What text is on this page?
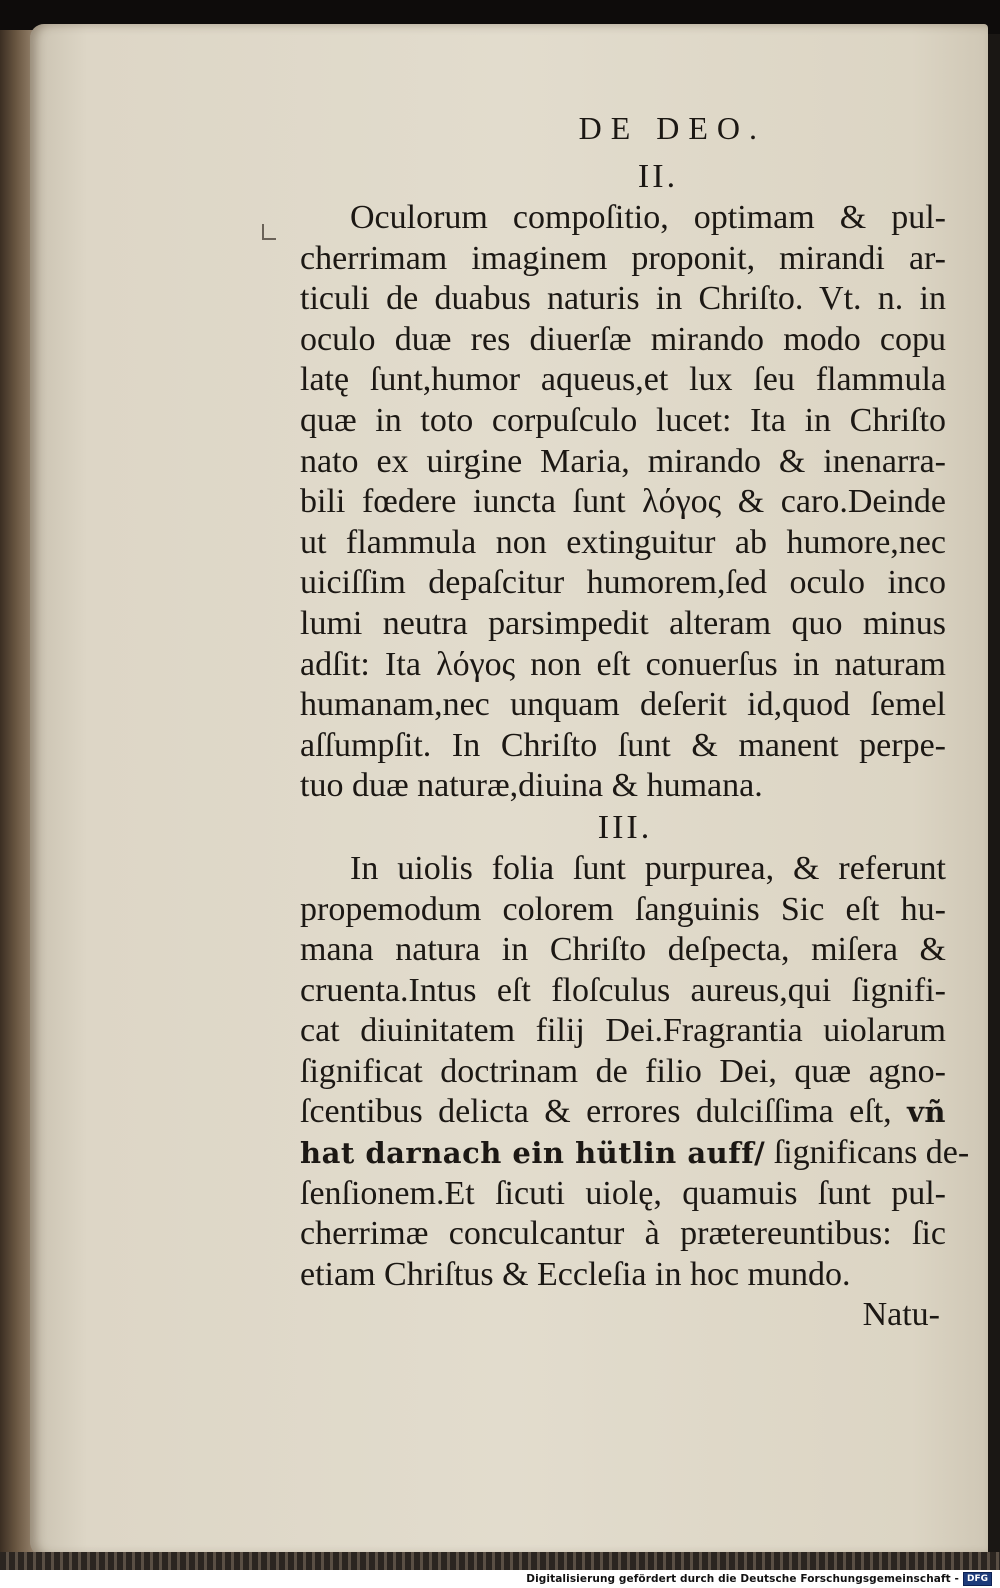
DE DEO.
II.
Oculorum compoſitio, optimam & pul-
cherrimam imaginem proponit, mirandi ar-
ticuli de duabus naturis in Chriſto. Vt. n. in
oculo duæ res diuerſæ mirando modo copu
latę ſunt,humor aqueus,et lux ſeu flammula
quæ in toto corpuſculo lucet: Ita in Chriſto
nato ex uirgine Maria, mirando & inenarra-
bili fœdere iuncta ſunt λόγος & caro.Deinde
ut flammula non extinguitur ab humore,nec
uiciſſim depaſcitur humorem,ſed oculo inco
lumi neutra parsimpedit alteram quo minus
adſit: Ita λόγος non eſt conuerſus in naturam
humanam,nec unquam deſerit id,quod ſemel
aſſumpſit. In Chriſto ſunt & manent perpe-
tuo duæ naturæ,diuina & humana.
III.
In uiolis folia ſunt purpurea, & referunt
propemodum colorem ſanguinis Sic eſt hu-
mana natura in Chriſto deſpecta, miſera &
cruenta.Intus eſt floſculus aureus,qui ſignifi-
cat diuinitatem filij Dei.Fragrantia uiolarum
ſignificat doctrinam de filio Dei, quæ agno-
ſcentibus delicta & errores dulciſſima eſt, vñ
hat darnach ein hütlin auff/ ſignificans de-
ſenſionem.Et ſicuti uiolę, quamuis ſunt pul-
cherrimæ conculcantur à prætereuntibus: ſic
etiam Chriſtus & Eccleſia in hoc mundo.
Natu-
Digitalisierung gefördert durch die Deutsche Forschungsgemeinschaft - DFG
